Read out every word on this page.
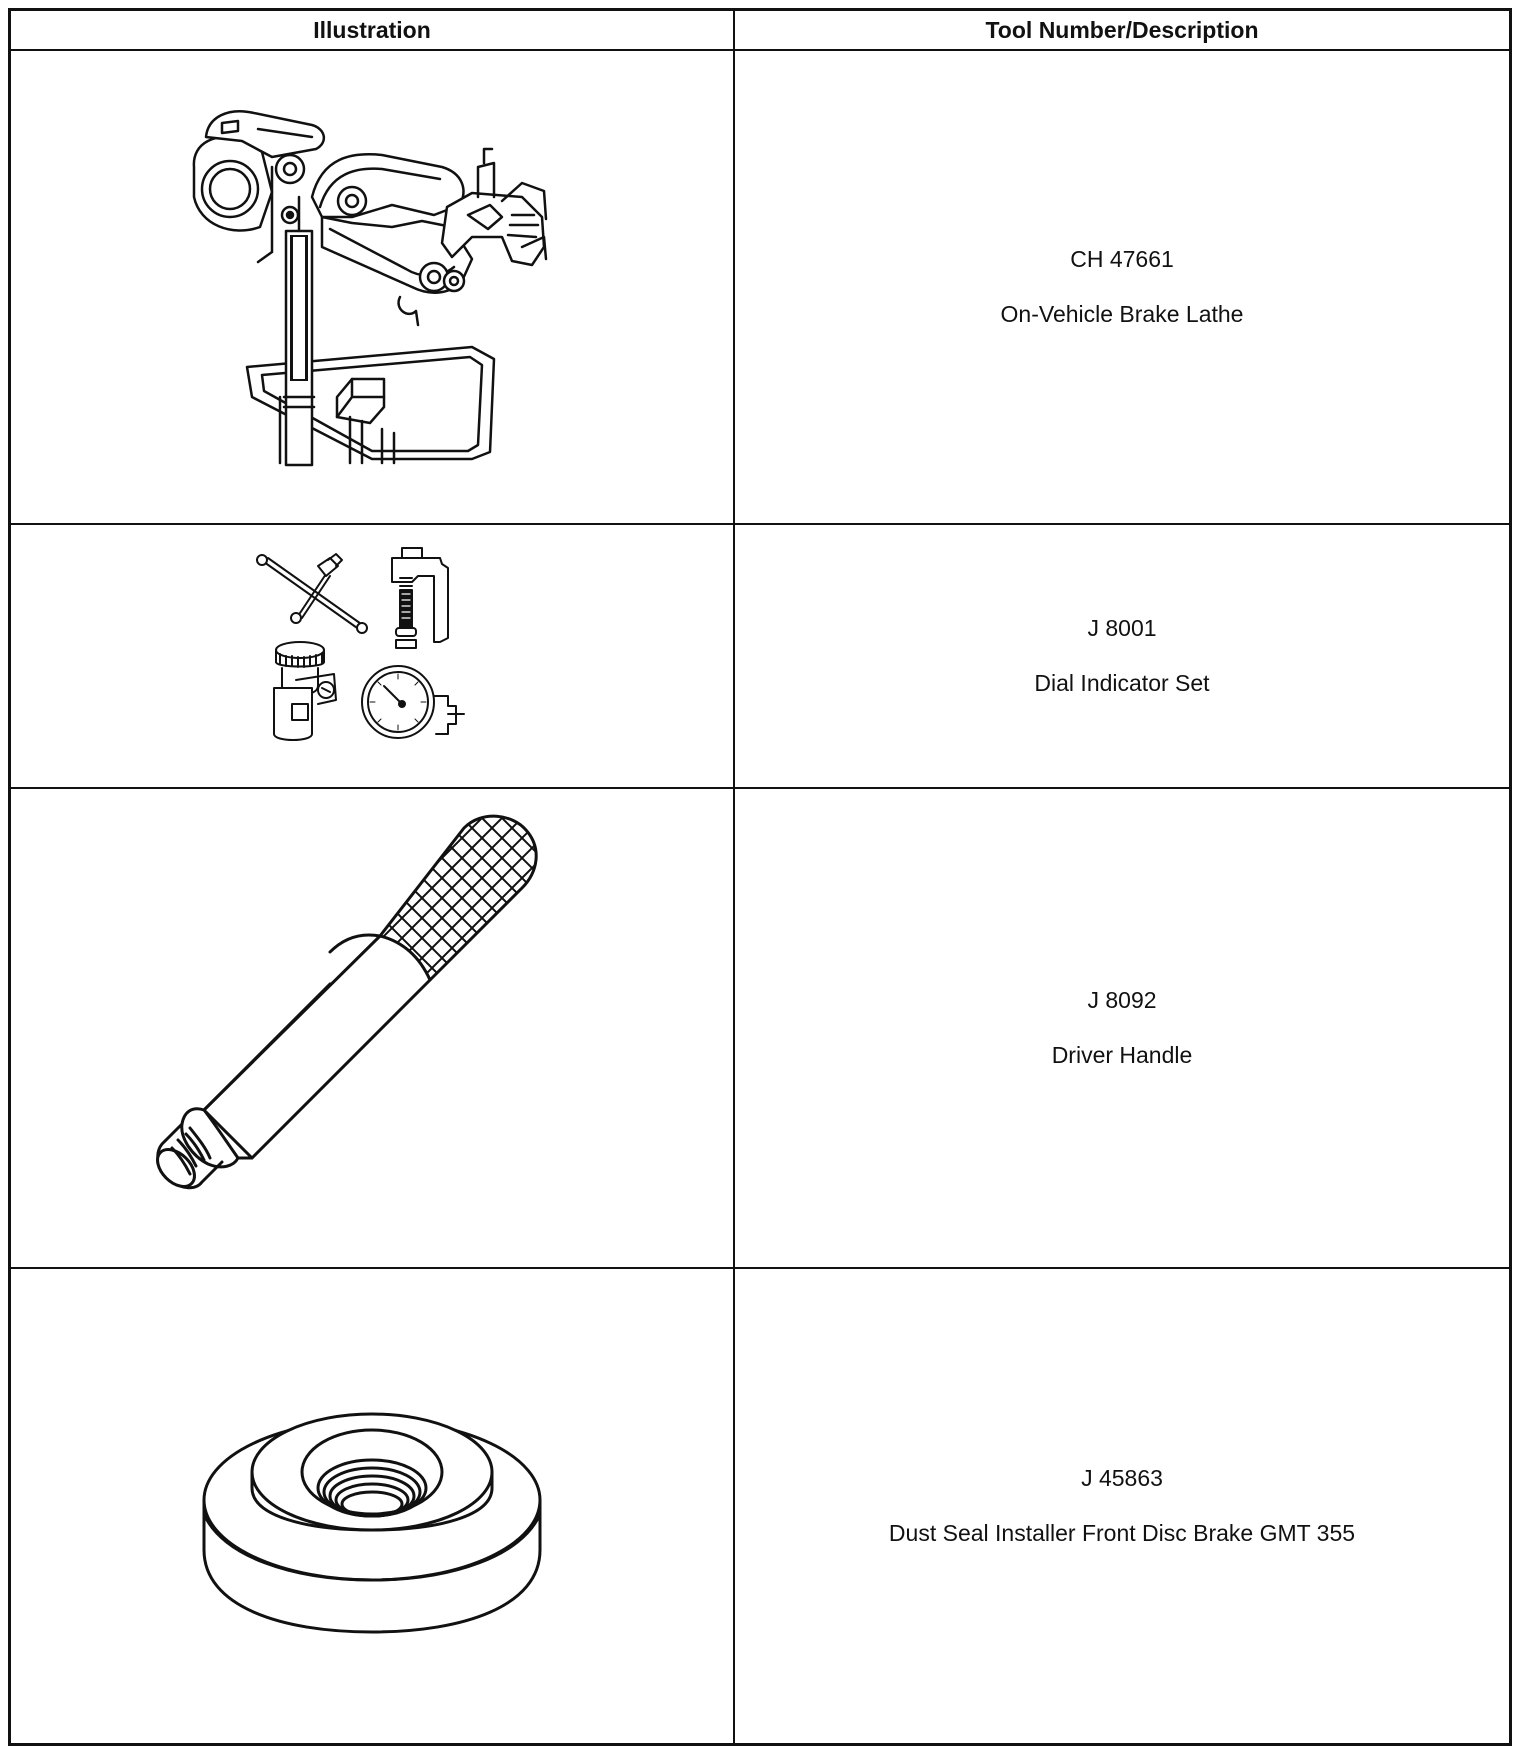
Illustration	Tool Number/Description

CH 47661
On-Vehicle Brake Lathe

J 8001
Dial Indicator Set

J 8092
Driver Handle

J 45863
Dust Seal Installer Front Disc Brake GMT 355
